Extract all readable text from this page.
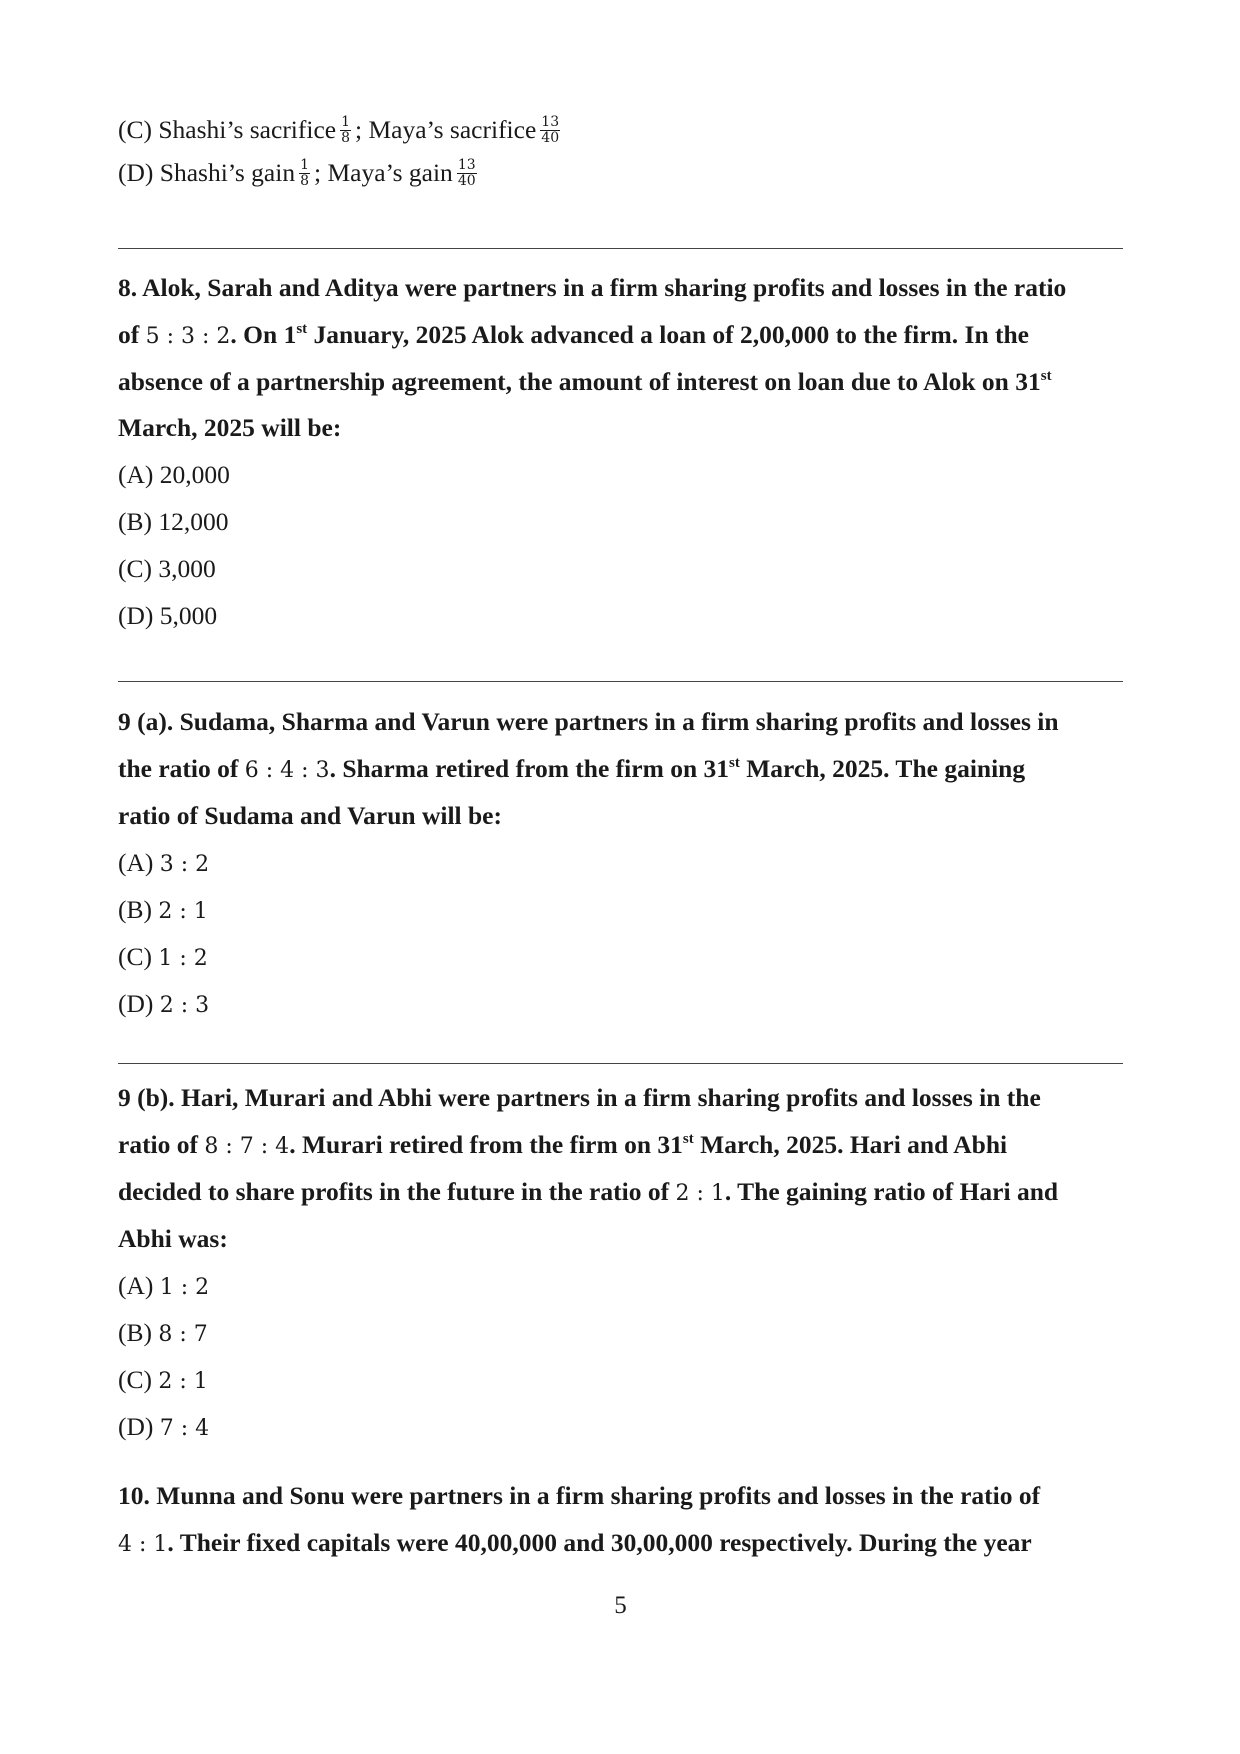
(C) Shashi’s sacrifice $\frac{1}{8}$ ; Maya’s sacrifice $\frac{13}{40}$
(D) Shashi’s gain $\frac{1}{8}$ ; Maya’s gain $\frac{13}{40}$
8. Alok, Sarah and Aditya were partners in a firm sharing profits and losses in the ratio
of 5 : 3 : 2. On 1st January, 2025 Alok advanced a loan of 2,00,000 to the firm. In the
absence of a partnership agreement, the amount of interest on loan due to Alok on 31st
March, 2025 will be:
(A) 20,000
(B) 12,000
(C) 3,000
(D) 5,000
9 (a). Sudama, Sharma and Varun were partners in a firm sharing profits and losses in
the ratio of 6 : 4 : 3. Sharma retired from the firm on 31st March, 2025. The gaining
ratio of Sudama and Varun will be:
(A) 3 : 2
(B) 2 : 1
(C) 1 : 2
(D) 2 : 3
9 (b). Hari, Murari and Abhi were partners in a firm sharing profits and losses in the
ratio of 8 : 7 : 4. Murari retired from the firm on 31st March, 2025. Hari and Abhi
decided to share profits in the future in the ratio of 2 : 1. The gaining ratio of Hari and
Abhi was:
(A) 1 : 2
(B) 8 : 7
(C) 2 : 1
(D) 7 : 4
10. Munna and Sonu were partners in a firm sharing profits and losses in the ratio of
4 : 1. Their fixed capitals were 40,00,000 and 30,00,000 respectively. During the year
5
